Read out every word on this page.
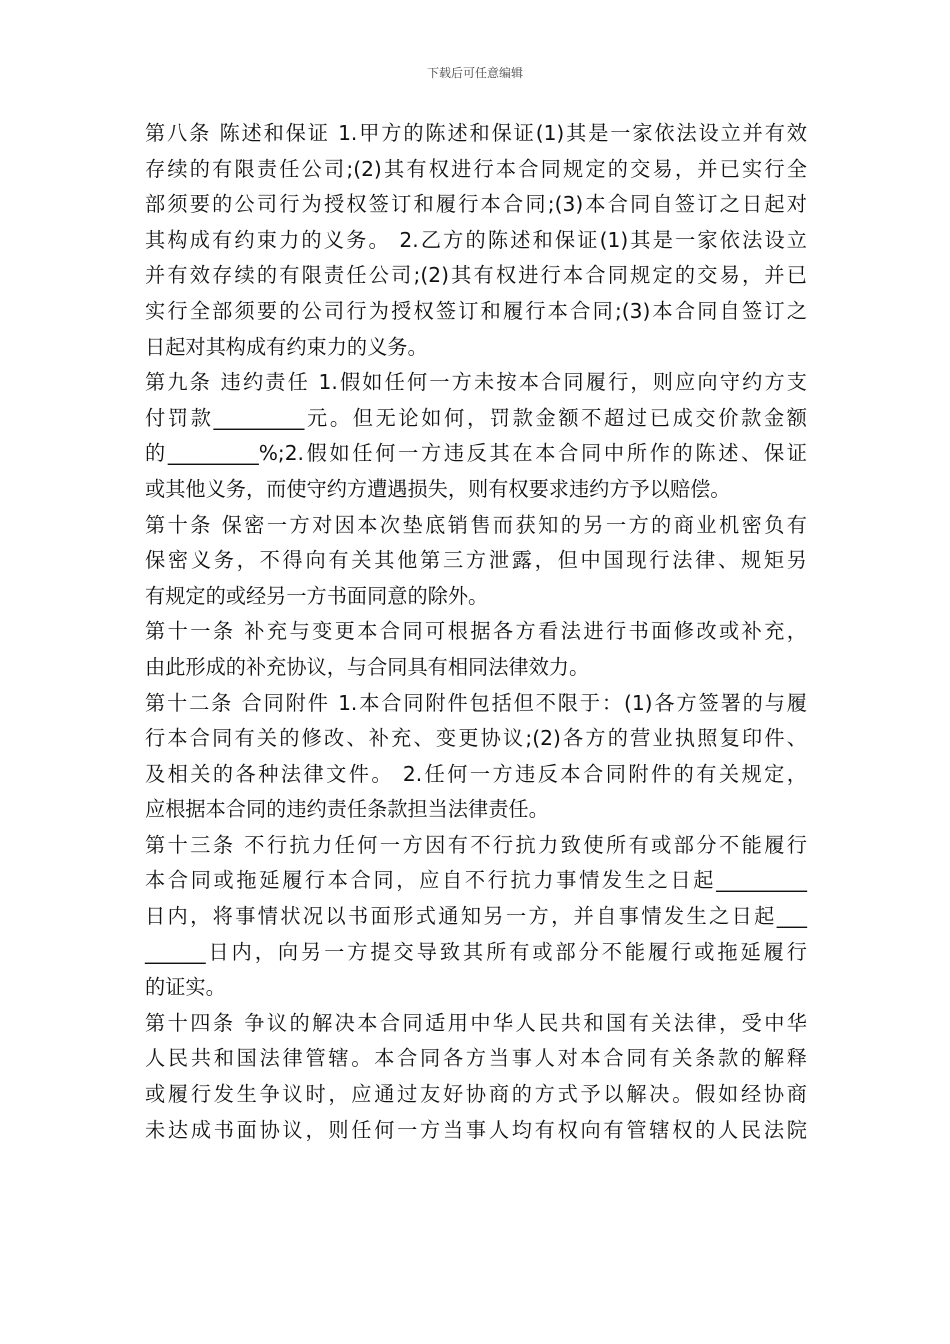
下载后可任意编辑
第八条 陈述和保证 1.甲方的陈述和保证(1)其是一家依法设立并有效
存续的有限责任公司;(2)其有权进行本合同规定的交易，并已实行全
部须要的公司行为授权签订和履行本合同;(3)本合同自签订之日起对
其构成有约束力的义务。 2.乙方的陈述和保证(1)其是一家依法设立
并有效存续的有限责任公司;(2)其有权进行本合同规定的交易，并已
实行全部须要的公司行为授权签订和履行本合同;(3)本合同自签订之
日起对其构成有约束力的义务。
第九条 违约责任 1.假如任何一方未按本合同履行，则应向守约方支
付罚款_________元。但无论如何，罚款金额不超过已成交价款金额
的_________%;2.假如任何一方违反其在本合同中所作的陈述、保证
或其他义务，而使守约方遭遇损失，则有权要求违约方予以赔偿。
第十条 保密一方对因本次垫底销售而获知的另一方的商业机密负有
保密义务，不得向有关其他第三方泄露，但中国现行法律、规矩另
有规定的或经另一方书面同意的除外。
第十一条 补充与变更本合同可根据各方看法进行书面修改或补充，
由此形成的补充协议，与合同具有相同法律效力。
第十二条 合同附件 1.本合同附件包括但不限于：(1)各方签署的与履
行本合同有关的修改、补充、变更协议;(2)各方的营业执照复印件、
及相关的各种法律文件。 2.任何一方违反本合同附件的有关规定，
应根据本合同的违约责任条款担当法律责任。
第十三条 不行抗力任何一方因有不行抗力致使所有或部分不能履行
本合同或拖延履行本合同，应自不行抗力事情发生之日起_________
日内，将事情状况以书面形式通知另一方，并自事情发生之日起___
______日内，向另一方提交导致其所有或部分不能履行或拖延履行
的证实。
第十四条 争议的解决本合同适用中华人民共和国有关法律，受中华
人民共和国法律管辖。本合同各方当事人对本合同有关条款的解释
或履行发生争议时，应通过友好协商的方式予以解决。假如经协商
未达成书面协议，则任何一方当事人均有权向有管辖权的人民法院
